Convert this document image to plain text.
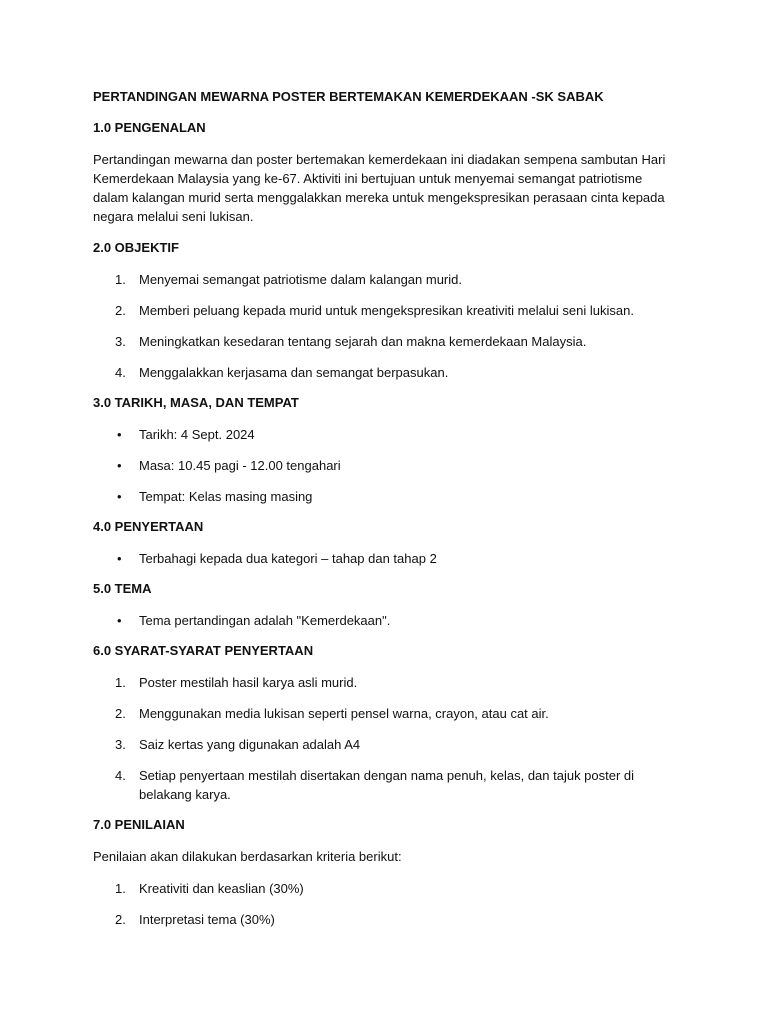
PERTANDINGAN MEWARNA POSTER BERTEMAKAN KEMERDEKAAN -SK SABAK
1.0 PENGENALAN
Pertandingan mewarna dan poster bertemakan kemerdekaan ini diadakan sempena sambutan Hari Kemerdekaan Malaysia yang ke-67. Aktiviti ini bertujuan untuk menyemai semangat patriotisme dalam kalangan murid serta menggalakkan mereka untuk mengekspresikan perasaan cinta kepada negara melalui seni lukisan.
2.0 OBJEKTIF
1. Menyemai semangat patriotisme dalam kalangan murid.
2. Memberi peluang kepada murid untuk mengekspresikan kreativiti melalui seni lukisan.
3. Meningkatkan kesedaran tentang sejarah dan makna kemerdekaan Malaysia.
4. Menggalakkan kerjasama dan semangat berpasukan.
3.0 TARIKH, MASA, DAN TEMPAT
• Tarikh: 4 Sept. 2024
• Masa: 10.45 pagi - 12.00 tengahari
• Tempat: Kelas masing masing
4.0 PENYERTAAN
• Terbahagi kepada dua kategori – tahap dan tahap 2
5.0 TEMA
• Tema pertandingan adalah "Kemerdekaan".
6.0 SYARAT-SYARAT PENYERTAAN
1. Poster mestilah hasil karya asli murid.
2. Menggunakan media lukisan seperti pensel warna, crayon, atau cat air.
3. Saiz kertas yang digunakan adalah A4
4. Setiap penyertaan mestilah disertakan dengan nama penuh, kelas, dan tajuk poster di belakang karya.
7.0 PENILAIAN
Penilaian akan dilakukan berdasarkan kriteria berikut:
1. Kreativiti dan keaslian (30%)
2. Interpretasi tema (30%)
